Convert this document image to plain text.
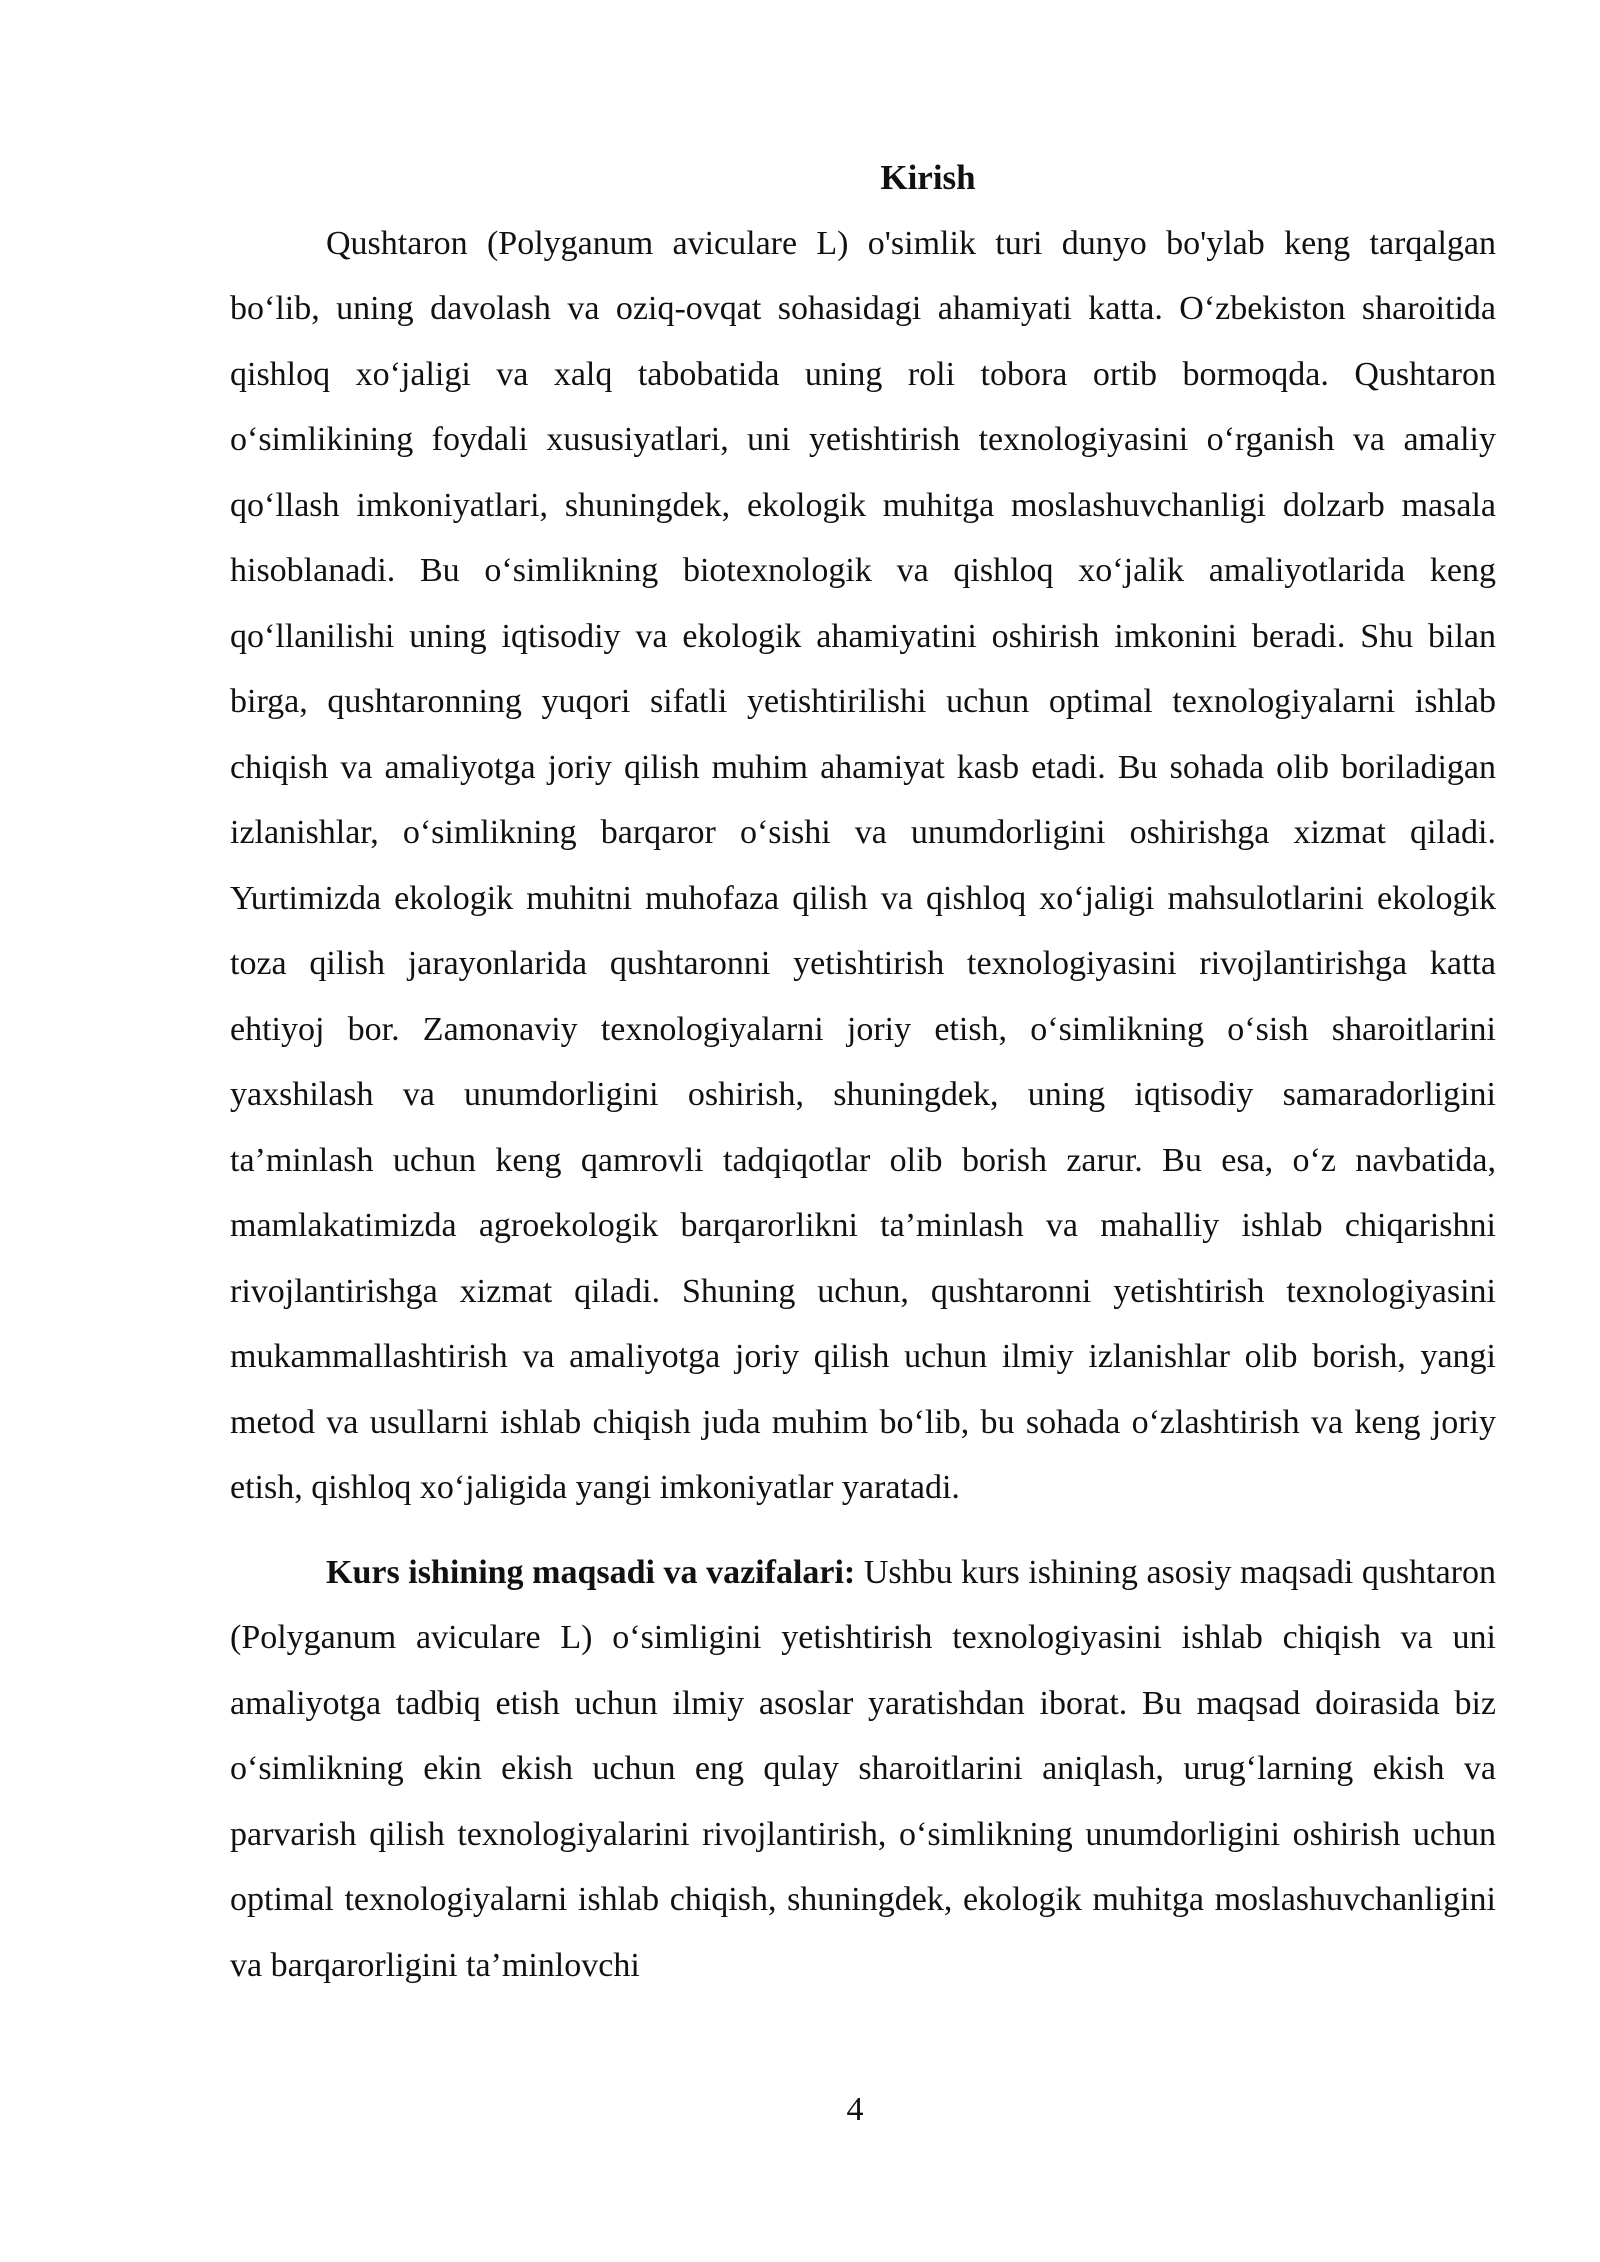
Kirish

Qushtaron (Polyganum aviculare L) o'simlik turi dunyo bo'ylab keng tarqalgan bo‘lib, uning davolash va oziq-ovqat sohasidagi ahamiyati katta. O‘zbekiston sharoitida qishloq xo‘jaligi va xalq tabobatida uning roli tobora ortib bormoqda. Qushtaron o‘simlikining foydali xususiyatlari, uni yetishtirish texnologiyasini o‘rganish va amaliy qo‘llash imkoniyatlari, shuningdek, ekologik muhitga moslashuvchanligi dolzarb masala hisoblanadi. Bu o‘simlikning biotexnologik va qishloq xo‘jalik amaliyotlarida keng qo‘llanilishi uning iqtisodiy va ekologik ahamiyatini oshirish imkonini beradi. Shu bilan birga, qushtaronning yuqori sifatli yetishtirilishi uchun optimal texnologiyalarni ishlab chiqish va amaliyotga joriy qilish muhim ahamiyat kasb etadi. Bu sohada olib boriladigan izlanishlar, o‘simlikning barqaror o‘sishi va unumdorligini oshirishga xizmat qiladi. Yurtimizda ekologik muhitni muhofaza qilish va qishloq xo‘jaligi mahsulotlarini ekologik toza qilish jarayonlarida qushtaronni yetishtirish texnologiyasini rivojlantirishga katta ehtiyoj bor. Zamonaviy texnologiyalarni joriy etish, o‘simlikning o‘sish sharoitlarini yaxshilash va unumdorligini oshirish, shuningdek, uning iqtisodiy samaradorligini ta’minlash uchun keng qamrovli tadqiqotlar olib borish zarur. Bu esa, o‘z navbatida, mamlakatimizda agroekologik barqarorlikni ta’minlash va mahalliy ishlab chiqarishni rivojlantirishga xizmat qiladi. Shuning uchun, qushtaronni yetishtirish texnologiyasini mukammallashtirish va amaliyotga joriy qilish uchun ilmiy izlanishlar olib borish, yangi metod va usullarni ishlab chiqish juda muhim bo‘lib, bu sohada o‘zlashtirish va keng joriy etish, qishloq xo‘jaligida yangi imkoniyatlar yaratadi.

Kurs ishining maqsadi va vazifalari: Ushbu kurs ishining asosiy maqsadi qushtaron (Polyganum aviculare L) o‘simligini yetishtirish texnologiyasini ishlab chiqish va uni amaliyotga tadbiq etish uchun ilmiy asoslar yaratishdan iborat. Bu maqsad doirasida biz o‘simlikning ekin ekish uchun eng qulay sharoitlarini aniqlash, urug‘larning ekish va parvarish qilish texnologiyalarini rivojlantirish, o‘simlikning unumdorligini oshirish uchun optimal texnologiyalarni ishlab chiqish, shuningdek, ekologik muhitga moslashuvchanligini va barqarorligini ta’minlovchi

4
